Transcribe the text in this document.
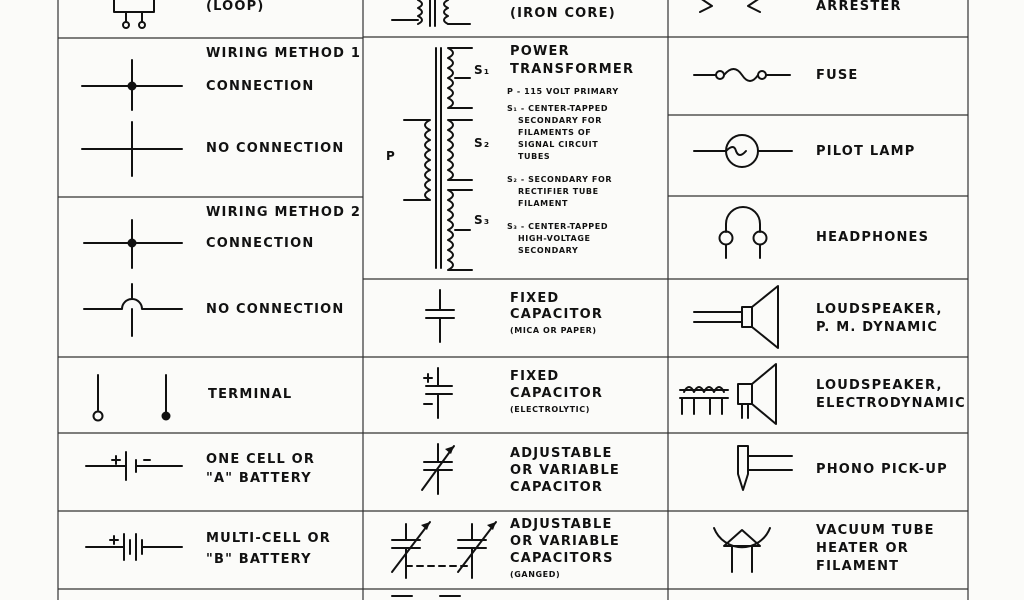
(LOOP)
WIRING METHOD 1
CONNECTION
NO CONNECTION
WIRING METHOD 2
CONNECTION
NO CONNECTION
TERMINAL
ONE CELL OR
"A" BATTERY
MULTI-CELL OR
"B" BATTERY
(IRON CORE)
POWER
TRANSFORMER
P - 115 VOLT PRIMARY
S₁ - CENTER-TAPPED
SECONDARY FOR
FILAMENTS OF
SIGNAL CIRCUIT
TUBES
S₂ - SECONDARY FOR
RECTIFIER TUBE
FILAMENT
S₃ - CENTER-TAPPED
HIGH-VOLTAGE
SECONDARY
P
S₁
S₂
S₃
FIXED
CAPACITOR
(MICA OR PAPER)
FIXED
CAPACITOR
(ELECTROLYTIC)
ADJUSTABLE
OR VARIABLE
CAPACITOR
ADJUSTABLE
OR VARIABLE
CAPACITORS
(GANGED)
ARRESTER
FUSE
PILOT LAMP
HEADPHONES
LOUDSPEAKER,
P. M. DYNAMIC
LOUDSPEAKER,
ELECTRODYNAMIC
PHONO PICK-UP
VACUUM TUBE
HEATER OR
FILAMENT
